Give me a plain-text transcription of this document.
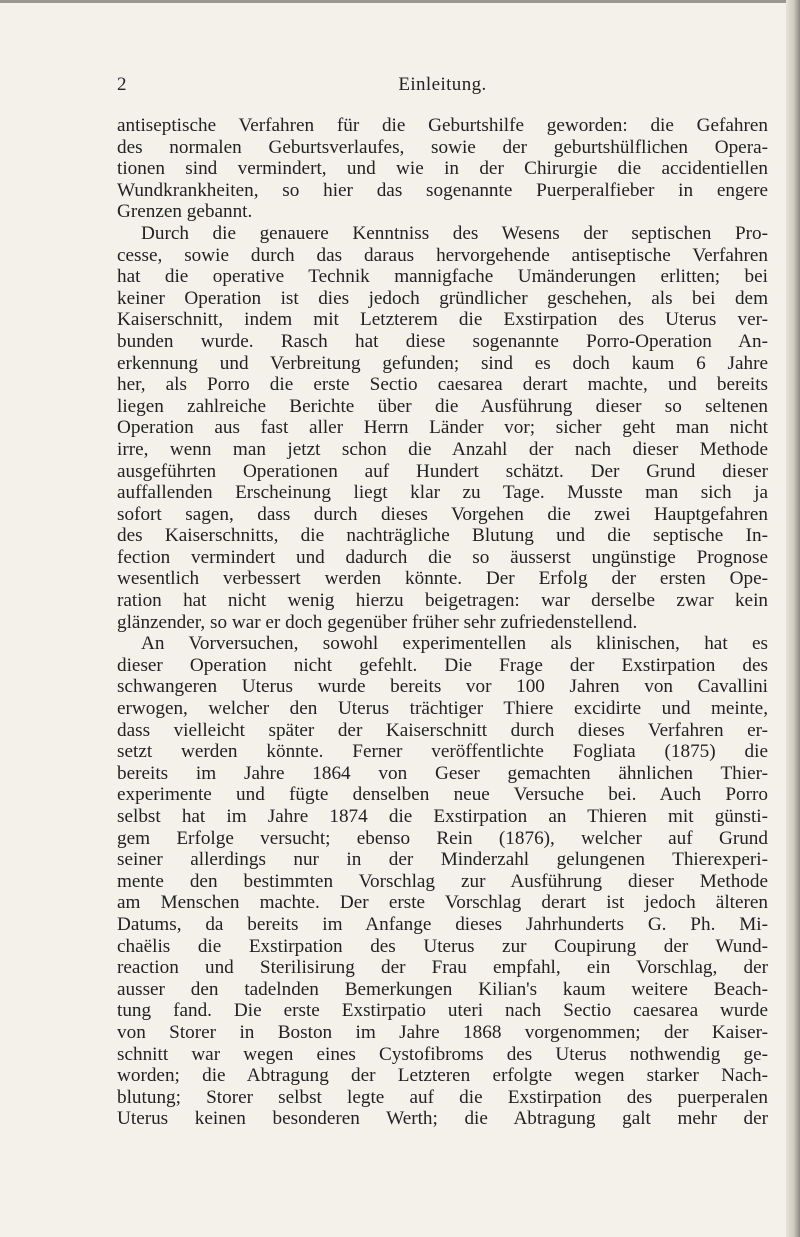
2	Einleitung.
antiseptische Verfahren für die Geburtshilfe geworden: die Gefahren
des normalen Geburtsverlaufes, sowie der geburtshülflichen Opera-
tionen sind vermindert, und wie in der Chirurgie die accidentiellen
Wundkrankheiten, so hier das sogenannte Puerperalfieber in engere
Grenzen gebannt.
Durch die genauere Kenntniss des Wesens der septischen Pro-
cesse, sowie durch das daraus hervorgehende antiseptische Verfahren
hat die operative Technik mannigfache Umänderungen erlitten; bei
keiner Operation ist dies jedoch gründlicher geschehen, als bei dem
Kaiserschnitt, indem mit Letzterem die Exstirpation des Uterus ver-
bunden wurde. Rasch hat diese sogenannte Porro-Operation An-
erkennung und Verbreitung gefunden; sind es doch kaum 6 Jahre
her, als Porro die erste Sectio caesarea derart machte, und bereits
liegen zahlreiche Berichte über die Ausführung dieser so seltenen
Operation aus fast aller Herrn Länder vor; sicher geht man nicht
irre, wenn man jetzt schon die Anzahl der nach dieser Methode
ausgeführten Operationen auf Hundert schätzt. Der Grund dieser
auffallenden Erscheinung liegt klar zu Tage. Musste man sich ja
sofort sagen, dass durch dieses Vorgehen die zwei Hauptgefahren
des Kaiserschnitts, die nachträgliche Blutung und die septische In-
fection vermindert und dadurch die so äusserst ungünstige Prognose
wesentlich verbessert werden könnte. Der Erfolg der ersten Ope-
ration hat nicht wenig hierzu beigetragen: war derselbe zwar kein
glänzender, so war er doch gegenüber früher sehr zufriedenstellend.
An Vorversuchen, sowohl experimentellen als klinischen, hat es
dieser Operation nicht gefehlt. Die Frage der Exstirpation des
schwangeren Uterus wurde bereits vor 100 Jahren von Cavallini
erwogen, welcher den Uterus trächtiger Thiere excidirte und meinte,
dass vielleicht später der Kaiserschnitt durch dieses Verfahren er-
setzt werden könnte. Ferner veröffentlichte Fogliata (1875) die
bereits im Jahre 1864 von Geser gemachten ähnlichen Thier-
experimente und fügte denselben neue Versuche bei. Auch Porro
selbst hat im Jahre 1874 die Exstirpation an Thieren mit günsti-
gem Erfolge versucht; ebenso Rein (1876), welcher auf Grund
seiner allerdings nur in der Minderzahl gelungenen Thierexperi-
mente den bestimmten Vorschlag zur Ausführung dieser Methode
am Menschen machte. Der erste Vorschlag derart ist jedoch älteren
Datums, da bereits im Anfange dieses Jahrhunderts G. Ph. Mi-
chaëlis die Exstirpation des Uterus zur Coupirung der Wund-
reaction und Sterilisirung der Frau empfahl, ein Vorschlag, der
ausser den tadelnden Bemerkungen Kilian's kaum weitere Beach-
tung fand. Die erste Exstirpatio uteri nach Sectio caesarea wurde
von Storer in Boston im Jahre 1868 vorgenommen; der Kaiser-
schnitt war wegen eines Cystofibroms des Uterus nothwendig ge-
worden; die Abtragung der Letzteren erfolgte wegen starker Nach-
blutung; Storer selbst legte auf die Exstirpation des puerperalen
Uterus keinen besonderen Werth; die Abtragung galt mehr der
